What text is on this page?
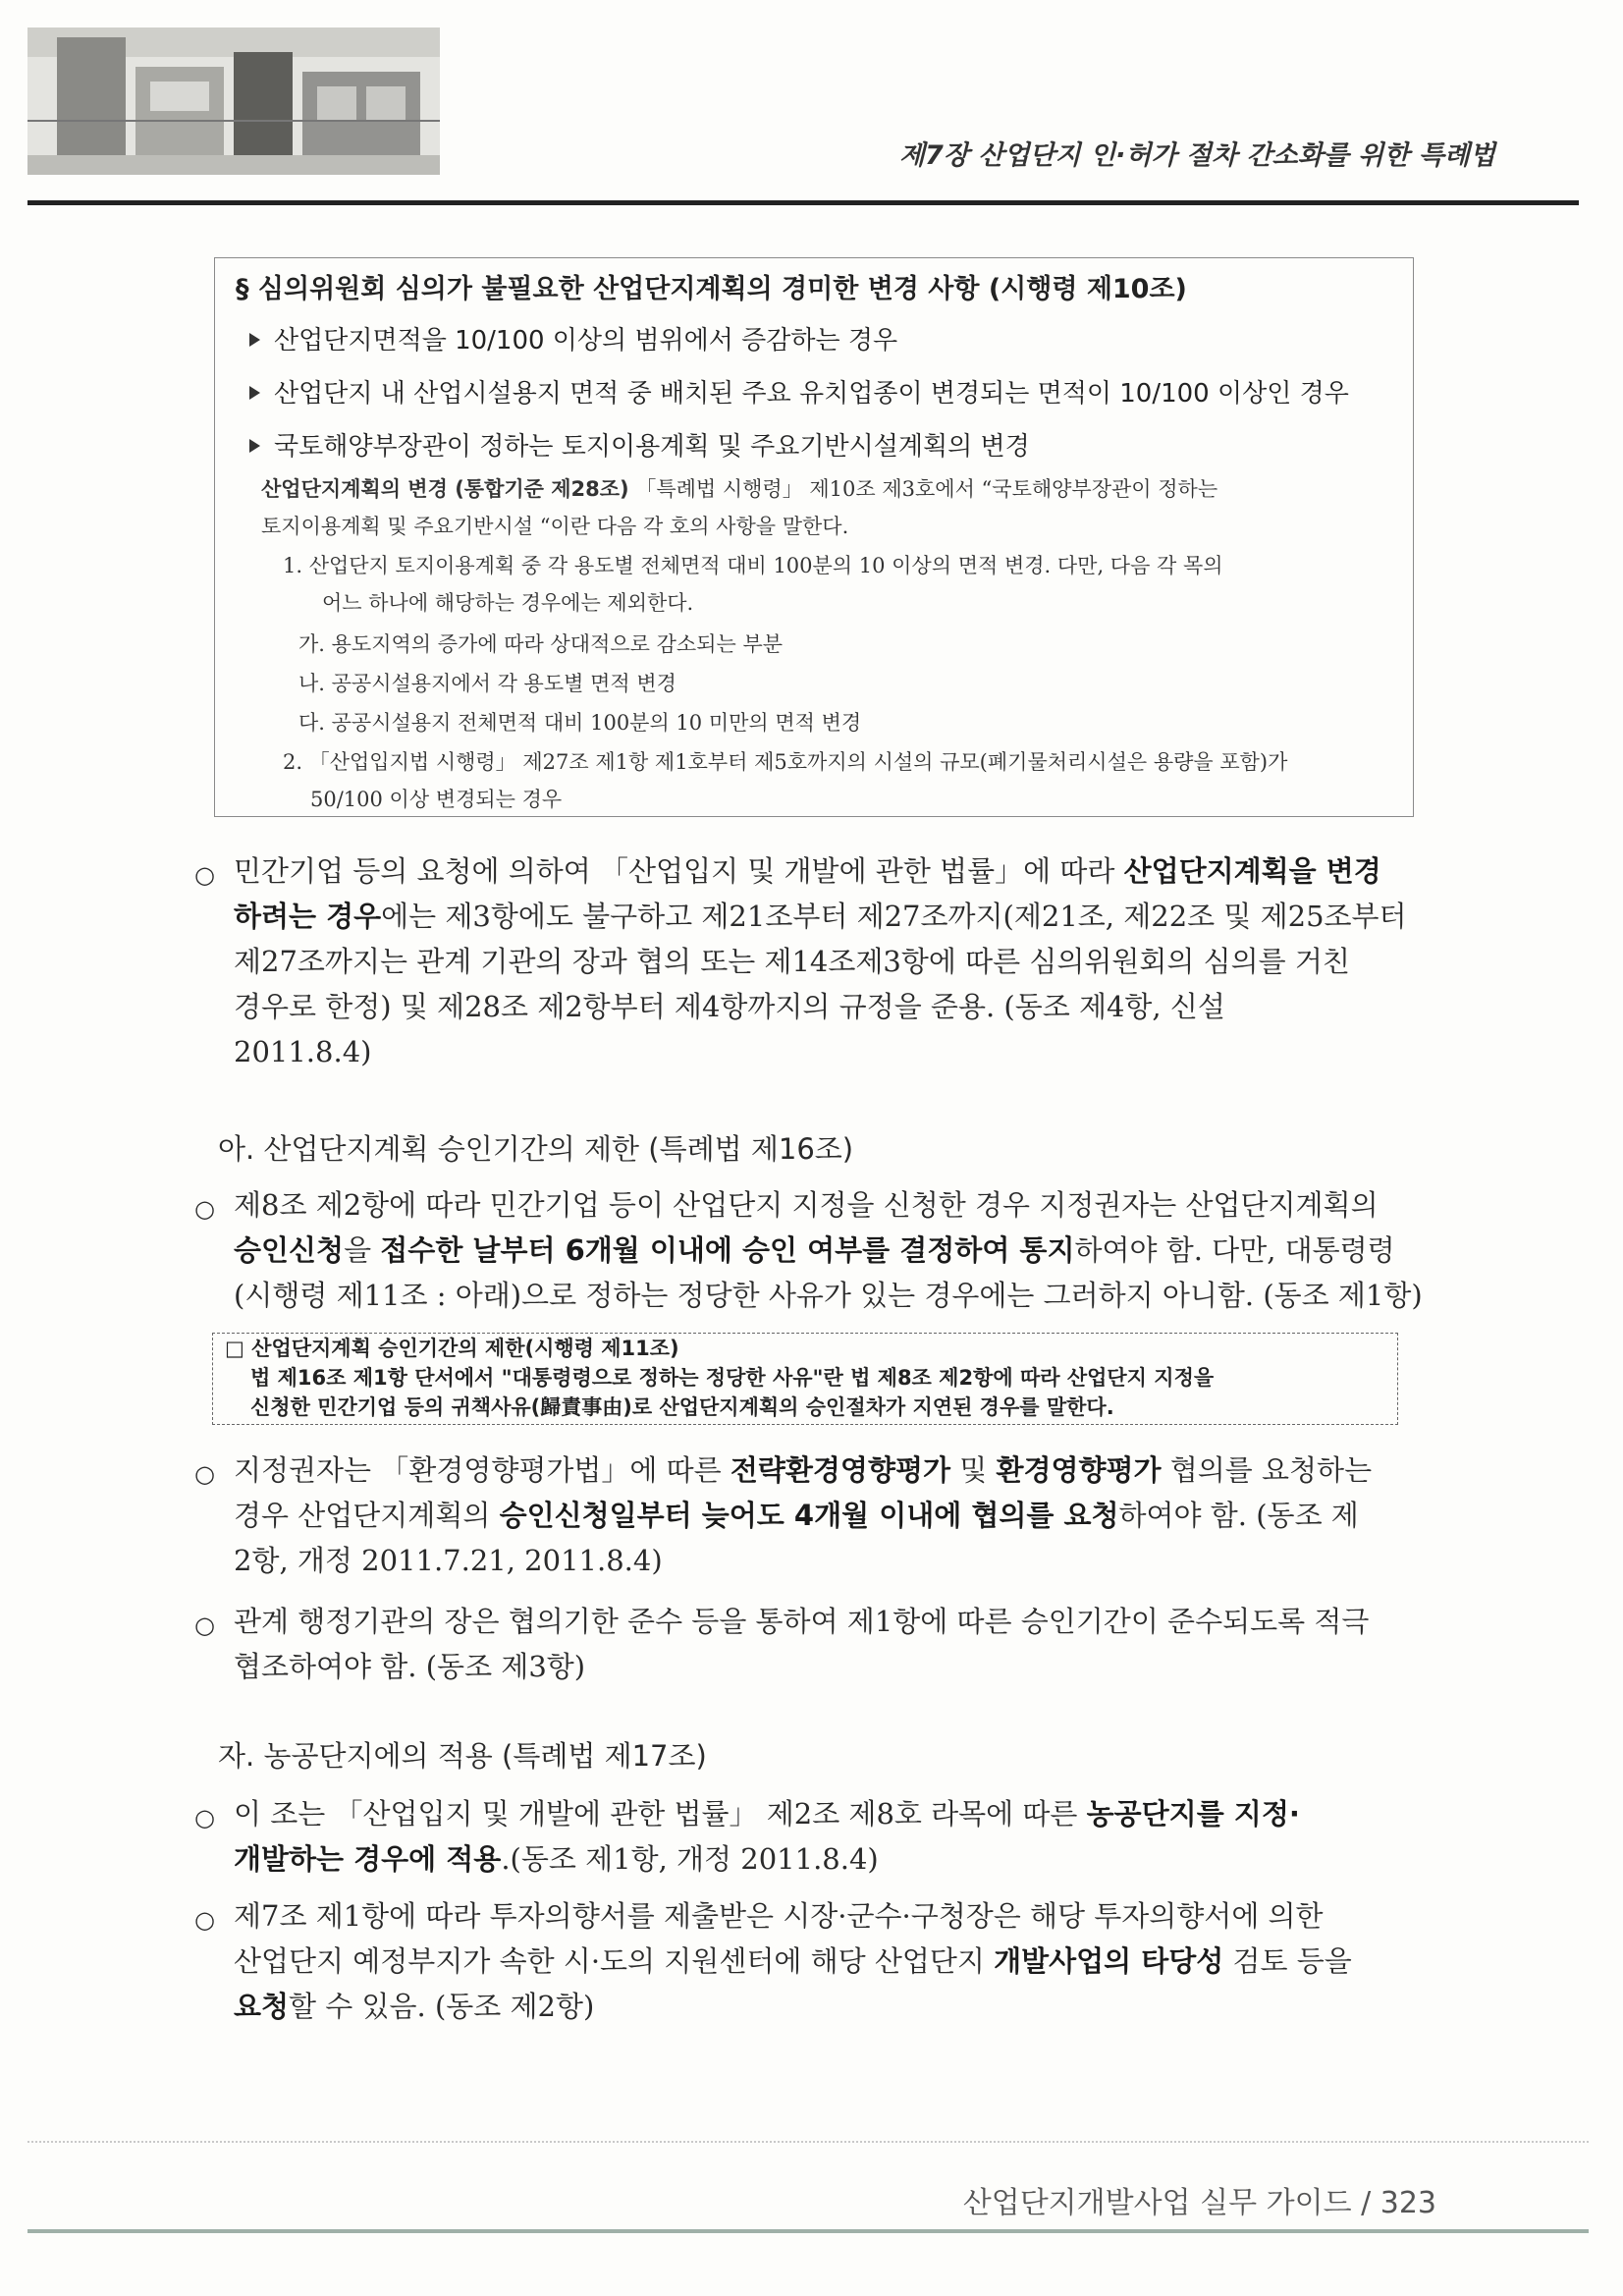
제7장 산업단지 인·허가 절차 간소화를 위한 특례법
§ 심의위원회 심의가 불필요한 산업단지계획의 경미한 변경 사항 (시행령 제10조)
산업단지면적을 10/100 이상의 범위에서 증감하는 경우
산업단지 내 산업시설용지 면적 중 배치된 주요 유치업종이 변경되는 면적이 10/100 이상인 경우
국토해양부장관이 정하는 토지이용계획 및 주요기반시설계획의 변경
산업단지계획의 변경 (통합기준 제28조) 「특례법 시행령」 제10조 제3호에서 “국토해양부장관이 정하는
토지이용계획 및 주요기반시설 “이란 다음 각 호의 사항을 말한다.
1. 산업단지 토지이용계획 중 각 용도별 전체면적 대비 100분의 10 이상의 면적 변경. 다만, 다음 각 목의
어느 하나에 해당하는 경우에는 제외한다.
가. 용도지역의 증가에 따라 상대적으로 감소되는 부분
나. 공공시설용지에서 각 용도별 면적 변경
다. 공공시설용지 전체면적 대비 100분의 10 미만의 면적 변경
2. 「산업입지법 시행령」 제27조 제1항 제1호부터 제5호까지의 시설의 규모(폐기물처리시설은 용량을 포함)가
50/100 이상 변경되는 경우
○ 민간기업 등의 요청에 의하여 「산업입지 및 개발에 관한 법률」에 따라 산업단지계획을 변경
하려는 경우에는 제3항에도 불구하고 제21조부터 제27조까지(제21조, 제22조 및 제25조부터
제27조까지는 관계 기관의 장과 협의 또는 제14조제3항에 따른 심의위원회의 심의를 거친
경우로 한정) 및 제28조 제2항부터 제4항까지의 규정을 준용. (동조 제4항, 신설
2011.8.4)
아. 산업단지계획 승인기간의 제한 (특례법 제16조)
○ 제8조 제2항에 따라 민간기업 등이 산업단지 지정을 신청한 경우 지정권자는 산업단지계획의
승인신청을 접수한 날부터 6개월 이내에 승인 여부를 결정하여 통지하여야 함. 다만, 대통령령
(시행령 제11조 : 아래)으로 정하는 정당한 사유가 있는 경우에는 그러하지 아니함. (동조 제1항)
□ 산업단지계획 승인기간의 제한(시행령 제11조)
법 제16조 제1항 단서에서 "대통령령으로 정하는 정당한 사유"란 법 제8조 제2항에 따라 산업단지 지정을
신청한 민간기업 등의 귀책사유(歸責事由)로 산업단지계획의 승인절차가 지연된 경우를 말한다.
○ 지정권자는 「환경영향평가법」에 따른 전략환경영향평가 및 환경영향평가 협의를 요청하는
경우 산업단지계획의 승인신청일부터 늦어도 4개월 이내에 협의를 요청하여야 함. (동조 제
2항, 개정 2011.7.21, 2011.8.4)
○ 관계 행정기관의 장은 협의기한 준수 등을 통하여 제1항에 따른 승인기간이 준수되도록 적극
협조하여야 함. (동조 제3항)
자. 농공단지에의 적용 (특례법 제17조)
○ 이 조는 「산업입지 및 개발에 관한 법률」 제2조 제8호 라목에 따른 농공단지를 지정·
개발하는 경우에 적용.(동조 제1항, 개정 2011.8.4)
○ 제7조 제1항에 따라 투자의향서를 제출받은 시장·군수·구청장은 해당 투자의향서에 의한
산업단지 예정부지가 속한 시·도의 지원센터에 해당 산업단지 개발사업의 타당성 검토 등을
요청할 수 있음. (동조 제2항)
산업단지개발사업 실무 가이드 / 323
